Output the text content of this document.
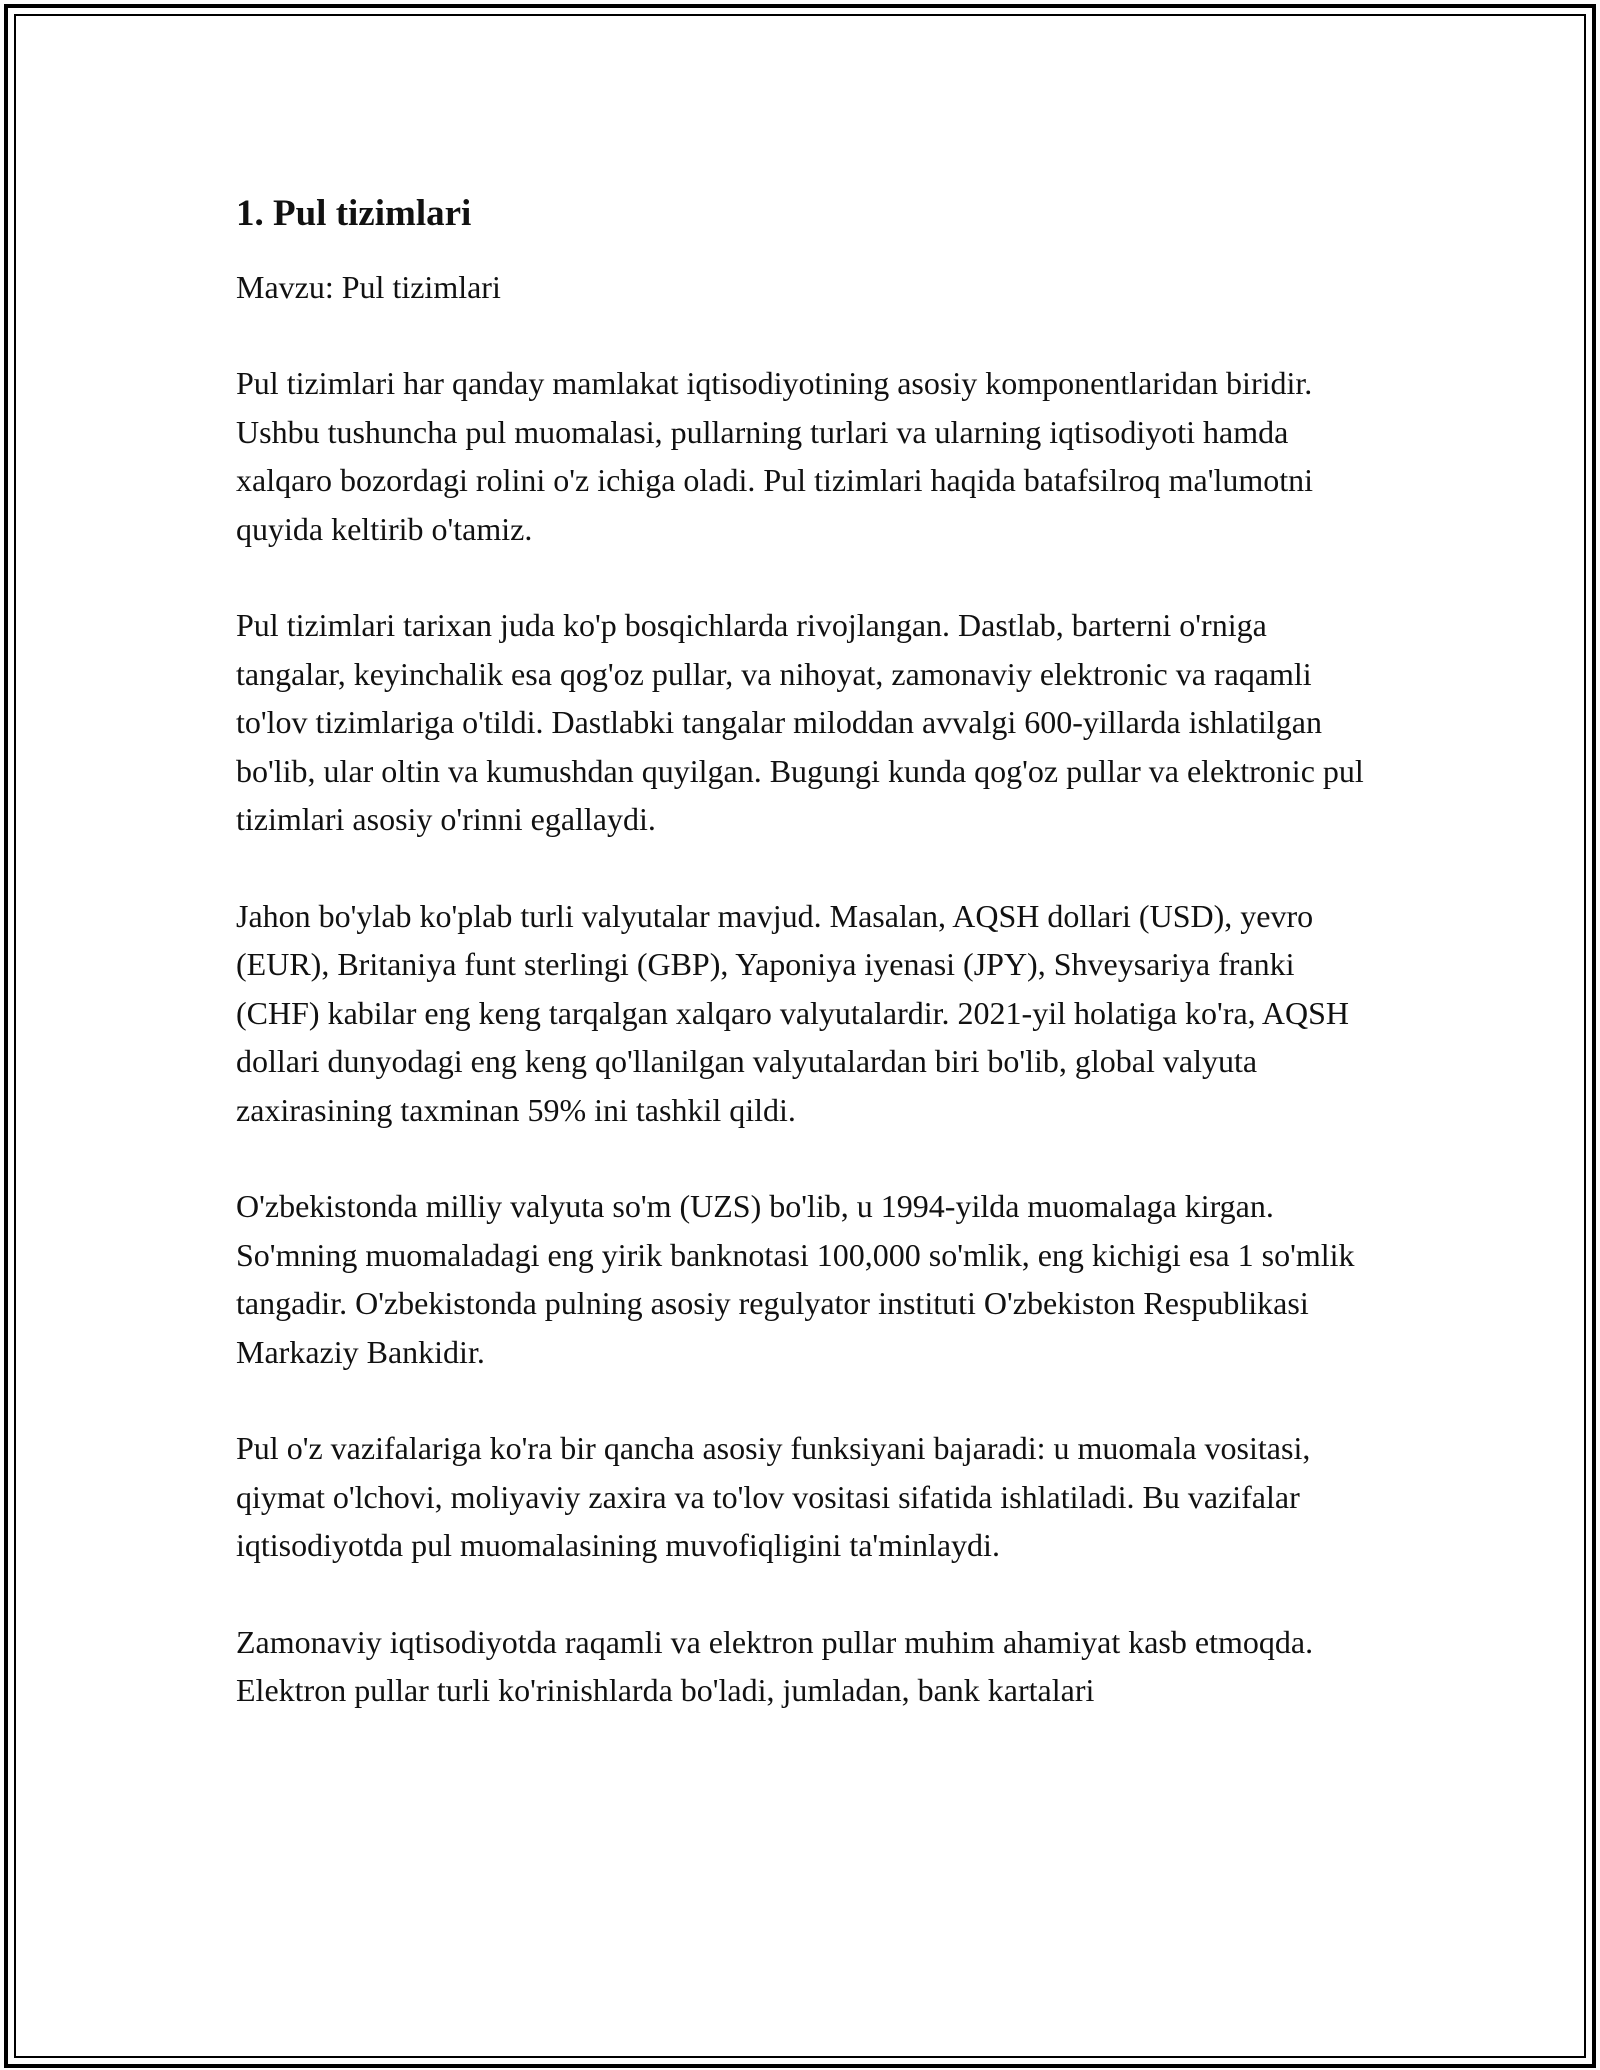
1. Pul tizimlari

Mavzu: Pul tizimlari

Pul tizimlari har qanday mamlakat iqtisodiyotining asosiy komponentlaridan biridir. Ushbu tushuncha pul muomalasi, pullarning turlari va ularning iqtisodiyoti hamda xalqaro bozordagi rolini o'z ichiga oladi. Pul tizimlari haqida batafsilroq ma'lumotni quyida keltirib o'tamiz.

Pul tizimlari tarixan juda ko'p bosqichlarda rivojlangan. Dastlab, barterni o'rniga tangalar, keyinchalik esa qog'oz pullar, va nihoyat, zamonaviy elektronic va raqamli to'lov tizimlariga o'tildi. Dastlabki tangalar miloddan avvalgi 600-yillarda ishlatilgan bo'lib, ular oltin va kumushdan quyilgan. Bugungi kunda qog'oz pullar va elektronic pul tizimlari asosiy o'rinni egallaydi.

Jahon bo'ylab ko'plab turli valyutalar mavjud. Masalan, AQSH dollari (USD), yevro (EUR), Britaniya funt sterlingi (GBP), Yaponiya iyenasi (JPY), Shveysariya franki (CHF) kabilar eng keng tarqalgan xalqaro valyutalardir. 2021-yil holatiga ko'ra, AQSH dollari dunyodagi eng keng qo'llanilgan valyutalardan biri bo'lib, global valyuta zaxirasining taxminan 59% ini tashkil qildi.

O'zbekistonda milliy valyuta so'm (UZS) bo'lib, u 1994-yilda muomalaga kirgan. So'mning muomaladagi eng yirik banknotasi 100,000 so'mlik, eng kichigi esa 1 so'mlik tangadir. O'zbekistonda pulning asosiy regulyator instituti O'zbekiston Respublikasi Markaziy Bankidir.

Pul o'z vazifalariga ko'ra bir qancha asosiy funksiyani bajaradi: u muomala vositasi, qiymat o'lchovi, moliyaviy zaxira va to'lov vositasi sifatida ishlatiladi. Bu vazifalar iqtisodiyotda pul muomalasining muvofiqligini ta'minlaydi.

Zamonaviy iqtisodiyotda raqamli va elektron pullar muhim ahamiyat kasb etmoqda. Elektron pullar turli ko'rinishlarda bo'ladi, jumladan, bank kartalari
